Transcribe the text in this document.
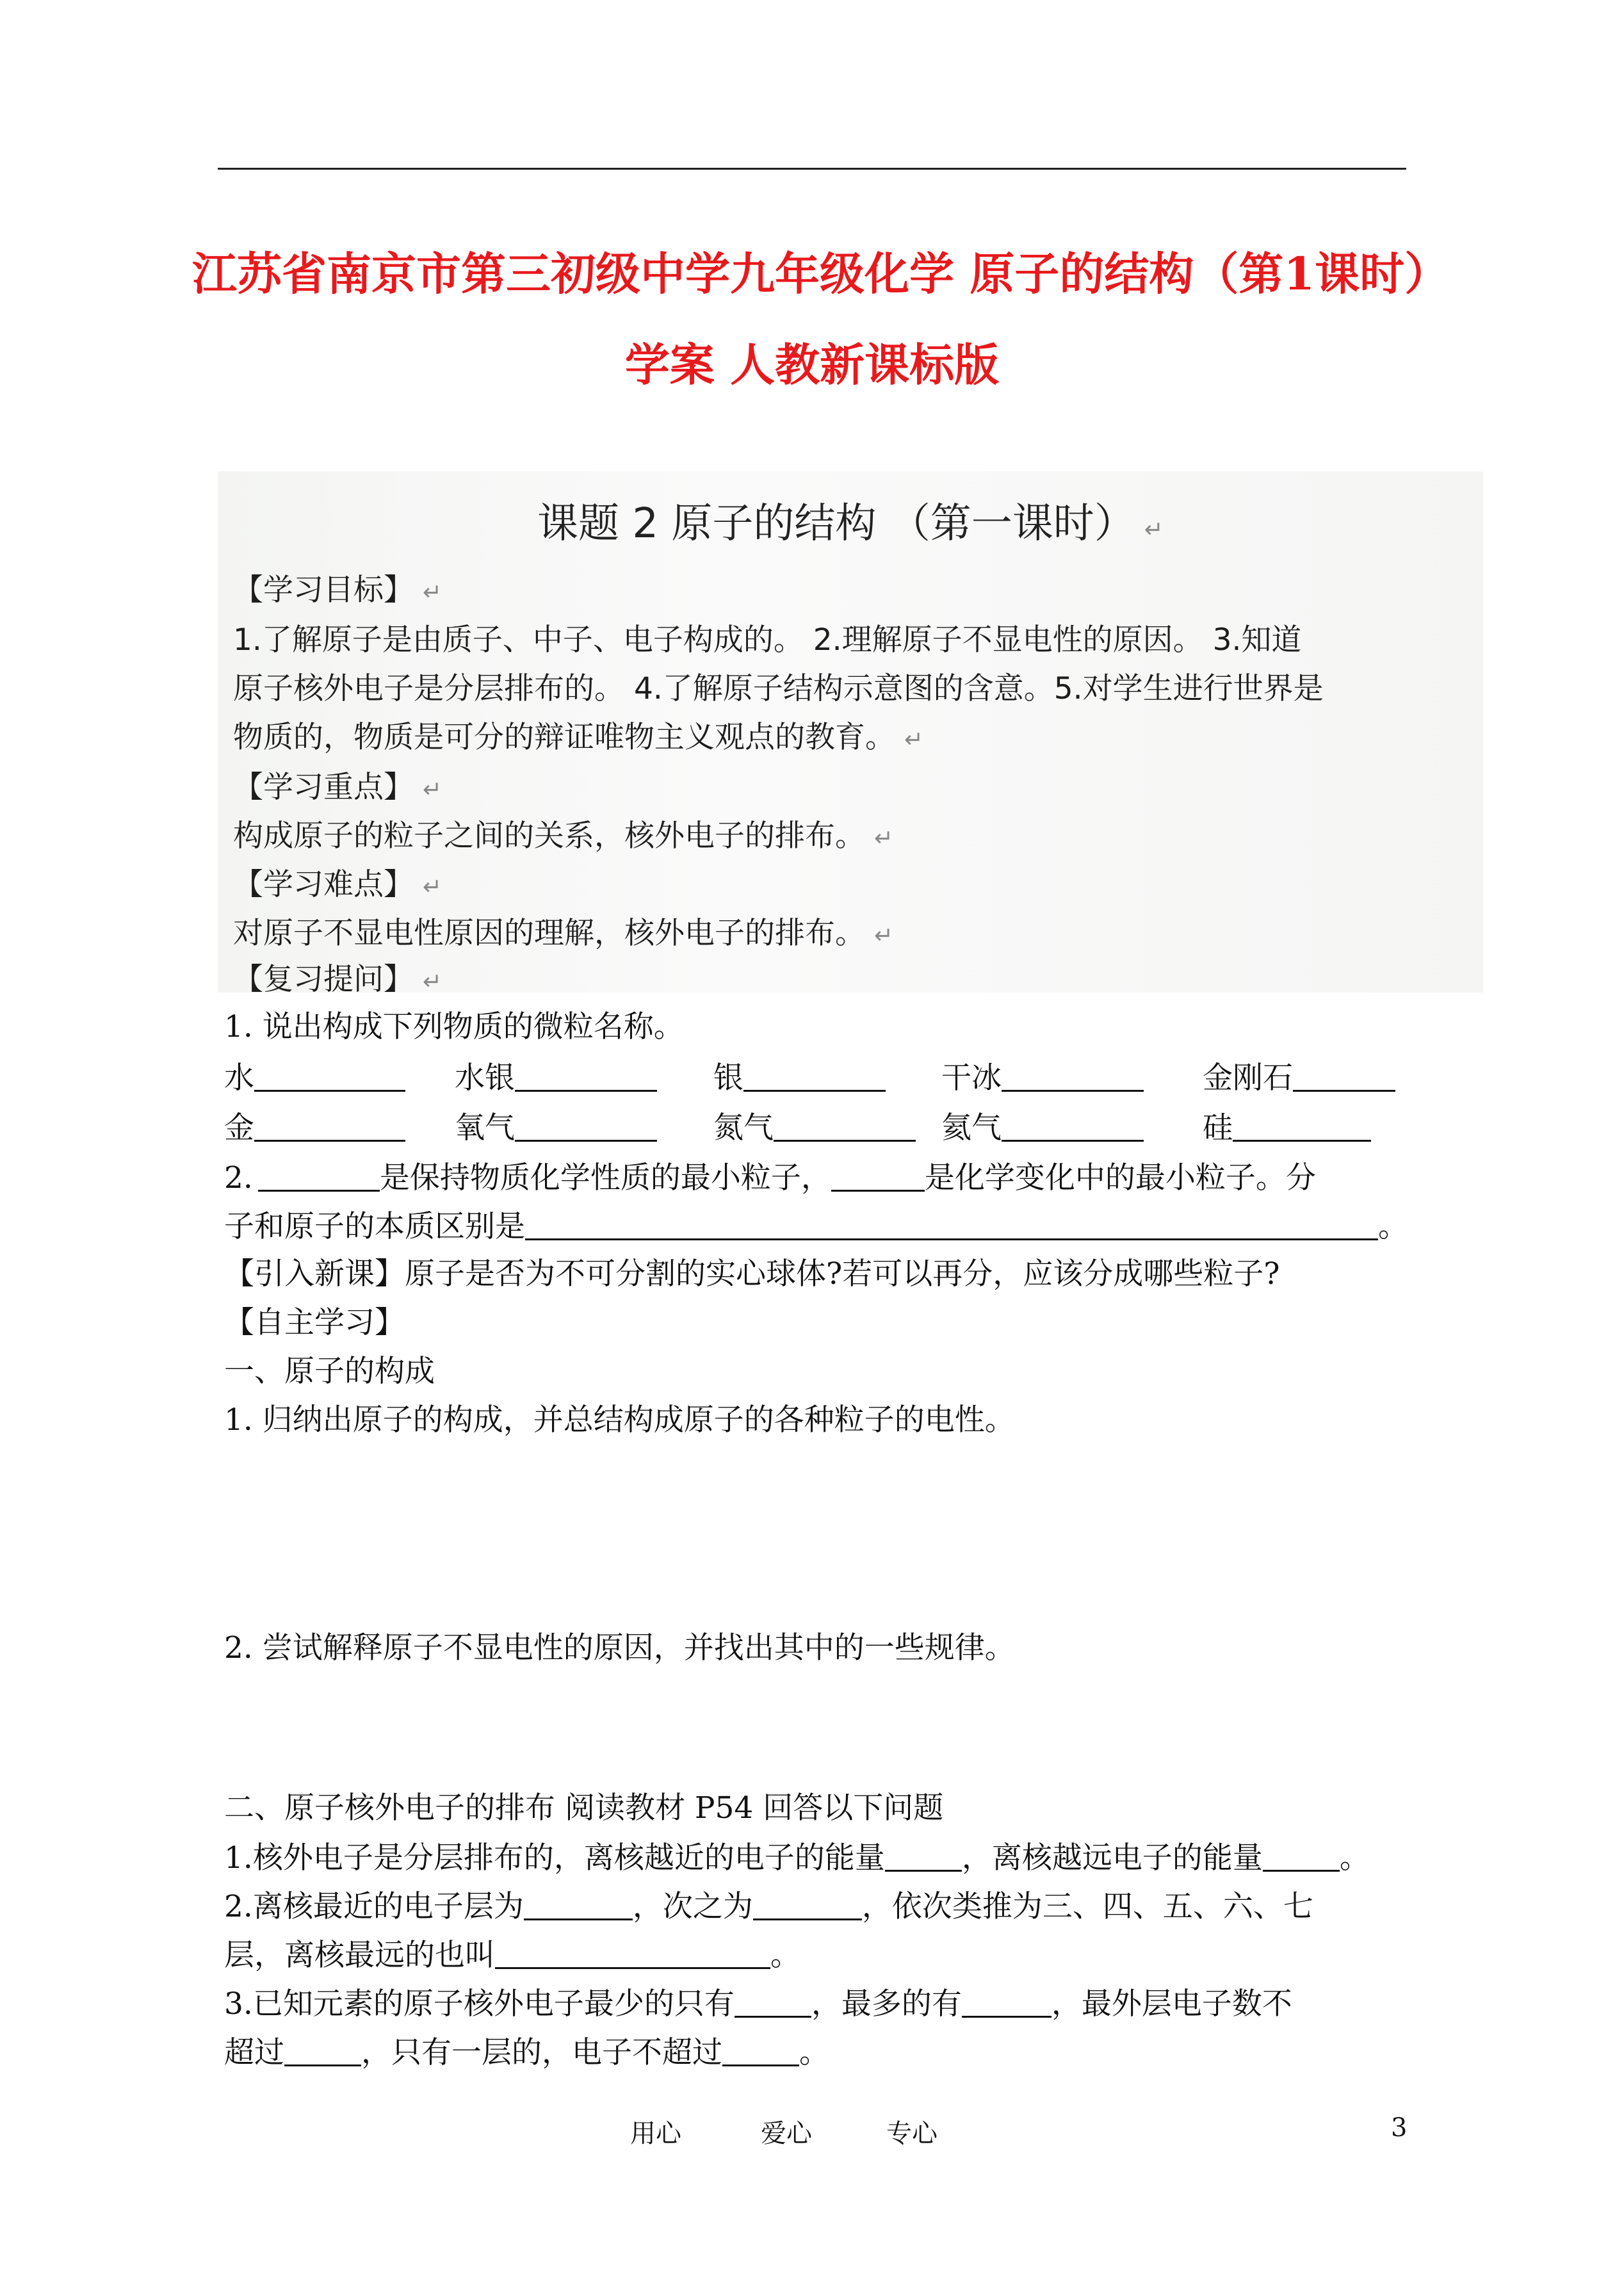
江苏省南京市第三初级中学九年级化学 原子的结构（第1课时）
学案 人教新课标版
课题 2 原子的结构 （第一课时） ↵
【学习目标】 ↵
1.了解原子是由质子、中子、电子构成的。 2.理解原子不显电性的原因。 3.知道
原子核外电子是分层排布的。 4.了解原子结构示意图的含意。5.对学生进行世界是
物质的，物质是可分的辩证唯物主义观点的教育。 ↵
【学习重点】 ↵
构成原子的粒子之间的关系，核外电子的排布。 ↵
【学习难点】 ↵
对原子不显电性原因的理解，核外电子的排布。 ↵
【复习提问】 ↵
1. 说出构成下列物质的微粒名称。
水	水银	银	干冰	金刚石
金	氧气	氮气	氦气	硅
2.	是保持物质化学性质的最小粒子，	是化学变化中的最小粒子。分
子和原子的本质区别是	。
【引入新课】原子是否为不可分割的实心球体?若可以再分，应该分成哪些粒子?
【自主学习】
一、原子的构成
1. 归纳出原子的构成，并总结构成原子的各种粒子的电性。
2. 尝试解释原子不显电性的原因，并找出其中的一些规律。
二、原子核外电子的排布 阅读教材 P54 回答以下问题
1.核外电子是分层排布的，离核越近的电子的能量	，离核越远电子的能量	。
2.离核最近的电子层为	，次之为	，依次类推为三、四、五、六、七
层，离核最远的也叫	。
3.已知元素的原子核外电子最少的只有	，最多的有	，最外层电子数不
超过	，只有一层的，电子不超过	。
用心	爱心	专心	3
